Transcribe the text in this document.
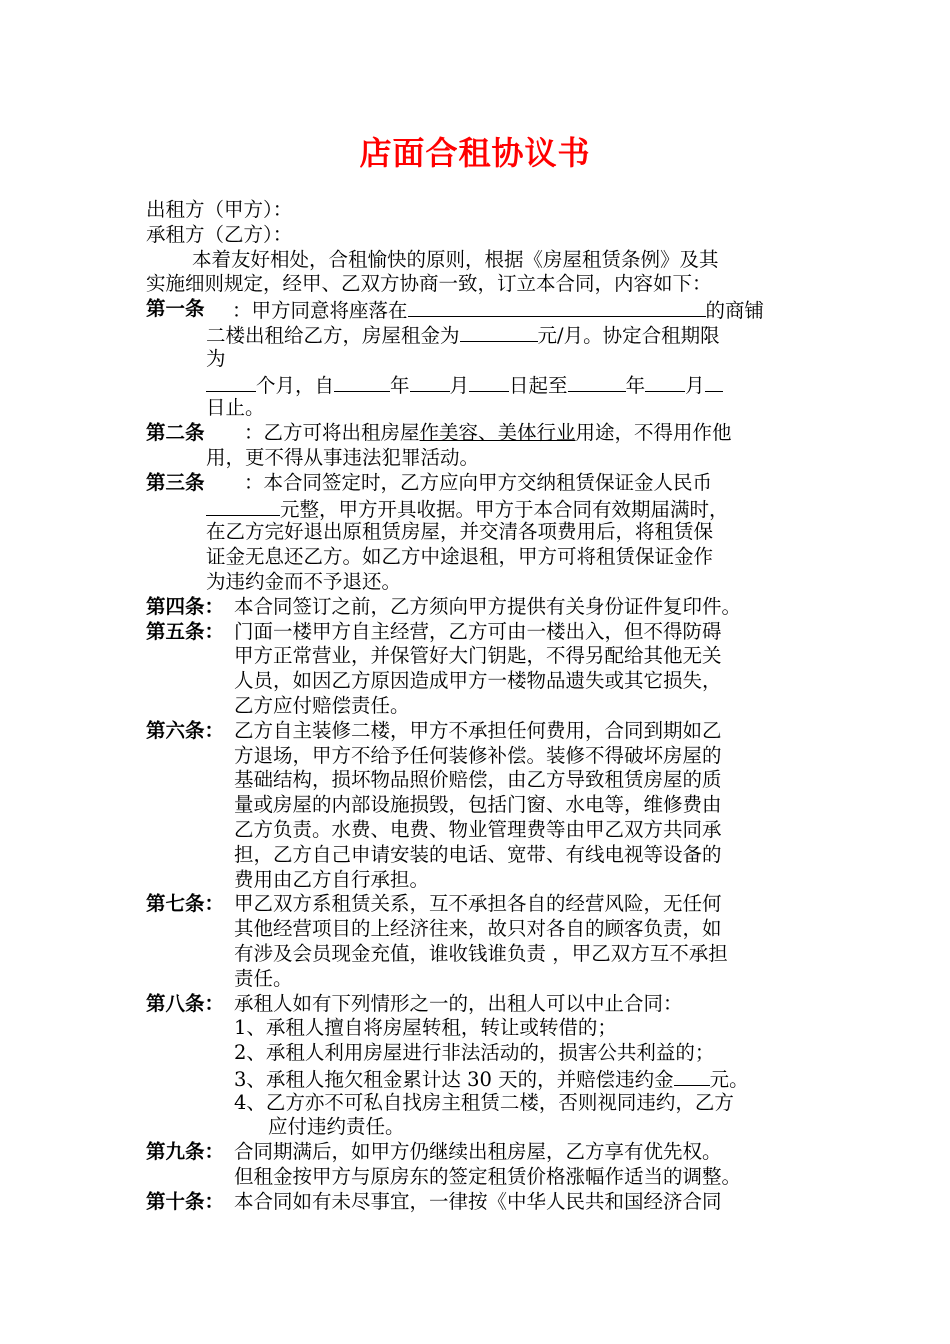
店面合租协议书
出租方（甲方）：
承租方（乙方）：
本着友好相处，合租愉快的原则，根据《房屋租赁条例》及其
实施细则规定，经甲、乙双方协商一致，订立本合同，内容如下：
第一条	：甲方同意将座落在	的商铺
二楼出租给乙方，房屋租金为	元/月。协定合租期限
为
个月，自	年 月 日起至	年 月
日止。
第二条	：乙方可将出租房屋作美容、美体行业用途，不得用作他
用，更不得从事违法犯罪活动。
第三条	：本合同签定时，乙方应向甲方交纳租赁保证金人民币
元整，甲方开具收据。甲方于本合同有效期届满时，
在乙方完好退出原租赁房屋，并交清各项费用后，将租赁保
证金无息还乙方。如乙方中途退租，甲方可将租赁保证金作
为违约金而不予退还。
第四条： 本合同签订之前，乙方须向甲方提供有关身份证件复印件。
第五条： 门面一楼甲方自主经营，乙方可由一楼出入，但不得防碍
甲方正常营业，并保管好大门钥匙，不得另配给其他无关
人员，如因乙方原因造成甲方一楼物品遗失或其它损失，
乙方应付赔偿责任。
第六条： 乙方自主装修二楼，甲方不承担任何费用，合同到期如乙
方退场，甲方不给予任何装修补偿。装修不得破坏房屋的
基础结构，损坏物品照价赔偿，由乙方导致租赁房屋的质
量或房屋的内部设施损毁，包括门窗、水电等，维修费由
乙方负责。水费、电费、物业管理费等由甲乙双方共同承
担，乙方自己申请安装的电话、宽带、有线电视等设备的
费用由乙方自行承担。
第七条： 甲乙双方系租赁关系，互不承担各自的经营风险，无任何
其他经营项目的上经济往来，故只对各自的顾客负责，如
有涉及会员现金充值，谁收钱谁负责 ，甲乙双方互不承担
责任。
第八条： 承租人如有下列情形之一的，出租人可以中止合同：
1、承租人擅自将房屋转租，转让或转借的；
2、承租人利用房屋进行非法活动的，损害公共利益的；
3、承租人拖欠租金累计达 30 天的，并赔偿违约金 元。
4、乙方亦不可私自找房主租赁二楼，否则视同违约，乙方
应付违约责任。
第九条： 合同期满后，如甲方仍继续出租房屋，乙方享有优先权。
但租金按甲方与原房东的签定租赁价格涨幅作适当的调整。
第十条： 本合同如有未尽事宜，一律按《中华人民共和国经济合同
